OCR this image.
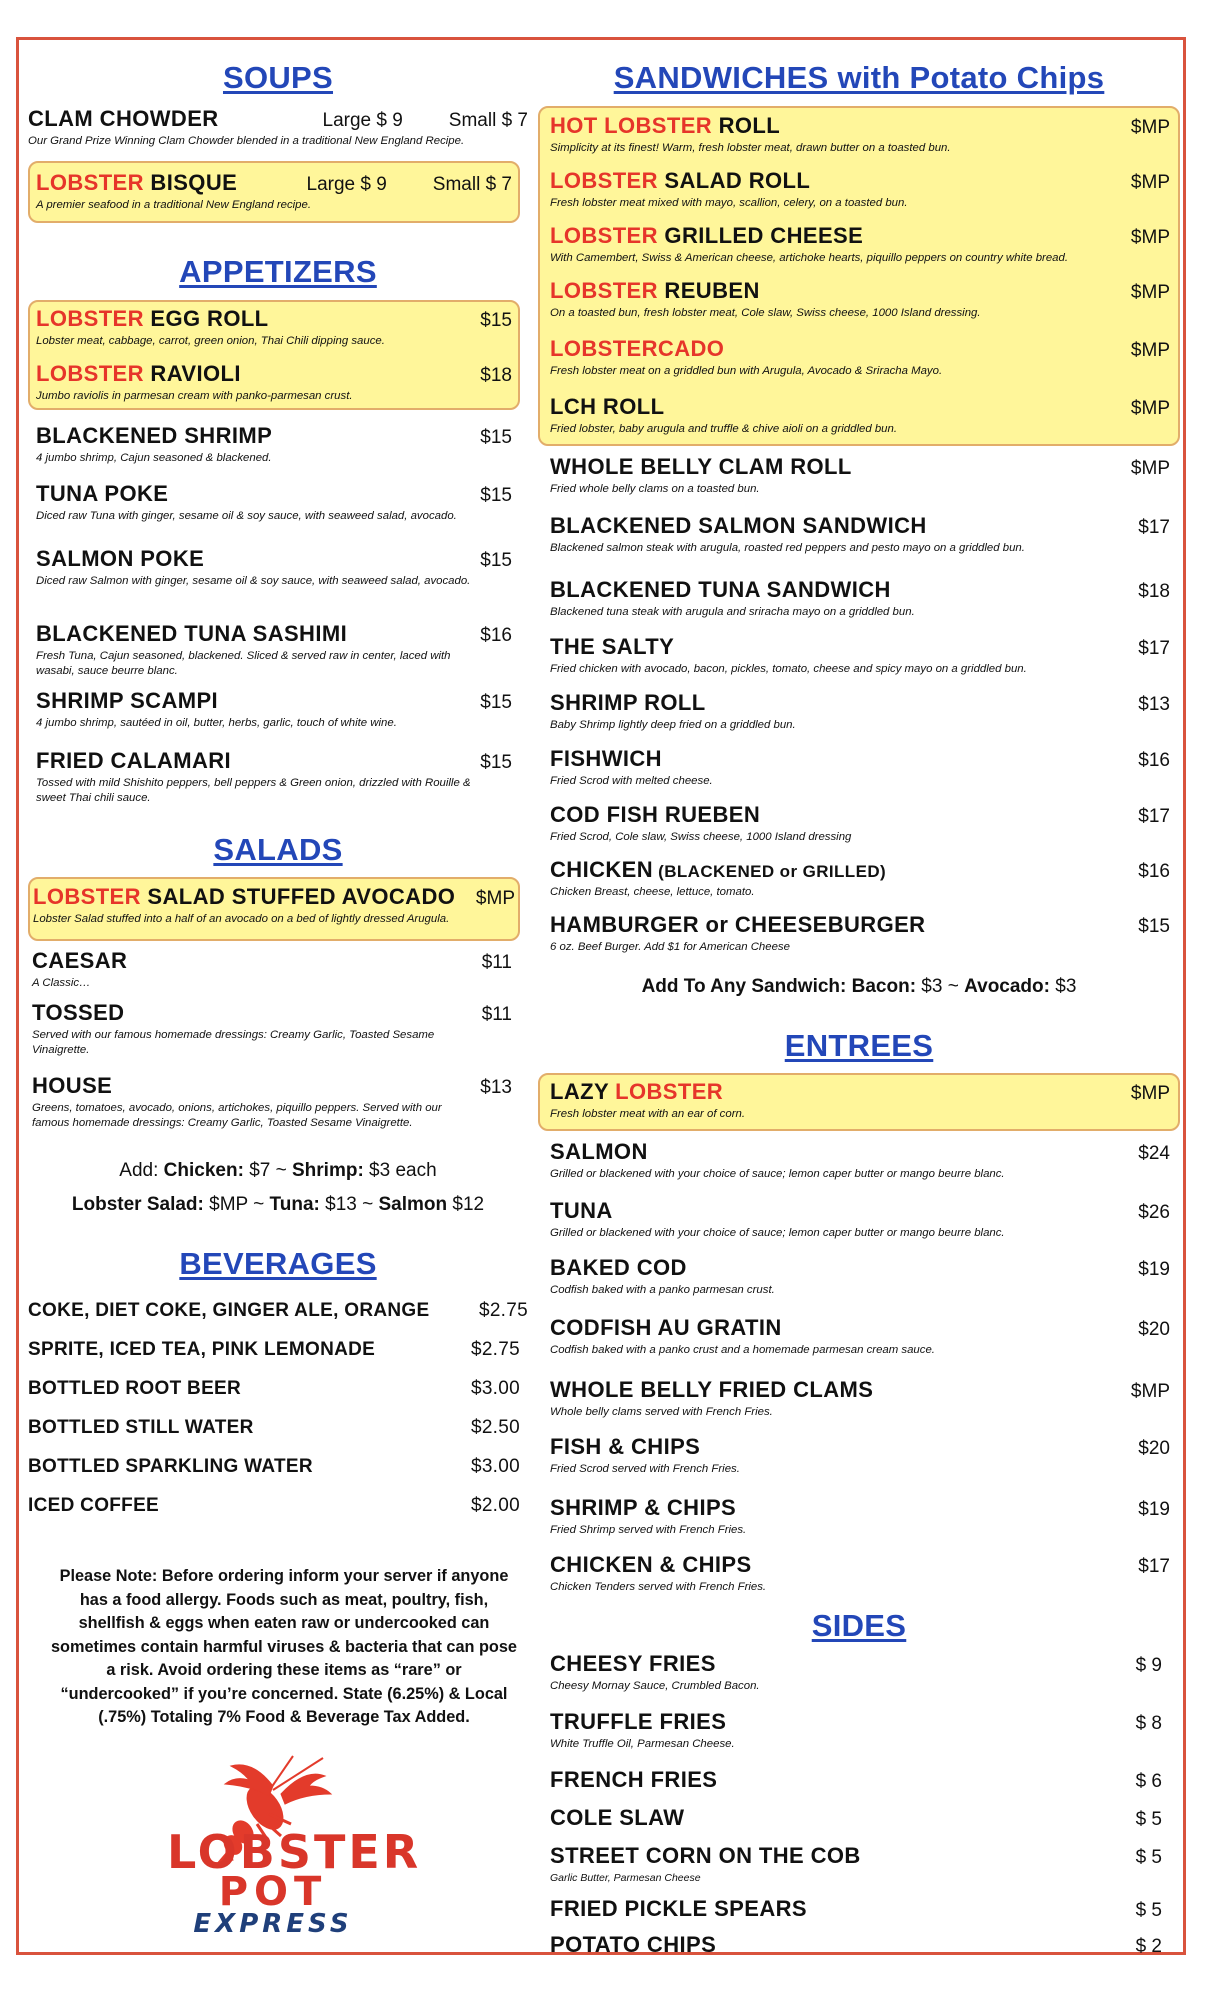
SOUPS
CLAM CHOWDER	Large $ 9 Small $ 7
Our Grand Prize Winning Clam Chowder blended in a traditional New England Recipe.
LOBSTER BISQUE	Large $ 9 Small $ 7
A premier seafood in a traditional New England recipe.
APPETIZERS
LOBSTER EGG ROLL	$15
Lobster meat, cabbage, carrot, green onion, Thai Chili dipping sauce.
LOBSTER RAVIOLI	$18
Jumbo raviolis in parmesan cream with panko-parmesan crust.
BLACKENED SHRIMP	$15
4 jumbo shrimp, Cajun seasoned & blackened.
TUNA POKE	$15
Diced raw Tuna with ginger, sesame oil & soy sauce, with seaweed salad, avocado.
SALMON POKE	$15
Diced raw Salmon with ginger, sesame oil & soy sauce, with seaweed salad, avocado.
BLACKENED TUNA SASHIMI	$16
Fresh Tuna, Cajun seasoned, blackened. Sliced & served raw in center, laced with wasabi, sauce beurre blanc.
SHRIMP SCAMPI	$15
4 jumbo shrimp, sautéed in oil, butter, herbs, garlic, touch of white wine.
FRIED CALAMARI	$15
Tossed with mild Shishito peppers, bell peppers & Green onion, drizzled with Rouille & sweet Thai chili sauce.
SALADS
LOBSTER SALAD STUFFED AVOCADO $MP
Lobster Salad stuffed into a half of an avocado on a bed of lightly dressed Arugula.
CAESAR	$11
A Classic…
TOSSED	$11
Served with our famous homemade dressings: Creamy Garlic, Toasted Sesame Vinaigrette.
HOUSE	$13
Greens, tomatoes, avocado, onions, artichokes, piquillo peppers. Served with our famous homemade dressings: Creamy Garlic, Toasted Sesame Vinaigrette.
Add: Chicken: $7 ~ Shrimp: $3 each
Lobster Salad: $MP ~ Tuna: $13 ~ Salmon $12
BEVERAGES
COKE, DIET COKE, GINGER ALE, ORANGE	$2.75
SPRITE, ICED TEA, PINK LEMONADE	$2.75
BOTTLED ROOT BEER	$3.00
BOTTLED STILL WATER	$2.50
BOTTLED SPARKLING WATER	$3.00
ICED COFFEE	$2.00
Please Note: Before ordering inform your server if anyone has a food allergy. Foods such as meat, poultry, fish, shellfish & eggs when eaten raw or undercooked can sometimes contain harmful viruses & bacteria that can pose a risk. Avoid ordering these items as “rare” or “undercooked” if you’re concerned. State (6.25%) & Local (.75%) Totaling 7% Food & Beverage Tax Added.
LOBSTER
POT
EXPRESS
SANDWICHES with Potato Chips
HOT LOBSTER ROLL	$MP
Simplicity at its finest! Warm, fresh lobster meat, drawn butter on a toasted bun.
LOBSTER SALAD ROLL	$MP
Fresh lobster meat mixed with mayo, scallion, celery, on a toasted bun.
LOBSTER GRILLED CHEESE	$MP
With Camembert, Swiss & American cheese, artichoke hearts, piquillo peppers on country white bread.
LOBSTER REUBEN	$MP
On a toasted bun, fresh lobster meat, Cole slaw, Swiss cheese, 1000 Island dressing.
LOBSTERCADO	$MP
Fresh lobster meat on a griddled bun with Arugula, Avocado & Sriracha Mayo.
LCH ROLL	$MP
Fried lobster, baby arugula and truffle & chive aioli on a griddled bun.
WHOLE BELLY CLAM ROLL	$MP
Fried whole belly clams on a toasted bun.
BLACKENED SALMON SANDWICH	$17
Blackened salmon steak with arugula, roasted red peppers and pesto mayo on a griddled bun.
BLACKENED TUNA SANDWICH	$18
Blackened tuna steak with arugula and sriracha mayo on a griddled bun.
THE SALTY	$17
Fried chicken with avocado, bacon, pickles, tomato, cheese and spicy mayo on a griddled bun.
SHRIMP ROLL	$13
Baby Shrimp lightly deep fried on a griddled bun.
FISHWICH	$16
Fried Scrod with melted cheese.
COD FISH RUEBEN	$17
Fried Scrod, Cole slaw, Swiss cheese, 1000 Island dressing
CHICKEN (BLACKENED or GRILLED)	$16
Chicken Breast, cheese, lettuce, tomato.
HAMBURGER or CHEESEBURGER	$15
6 oz. Beef Burger. Add $1 for American Cheese
Add To Any Sandwich: Bacon: $3 ~ Avocado: $3
ENTREES
LAZY LOBSTER	$MP
Fresh lobster meat with an ear of corn.
SALMON	$24
Grilled or blackened with your choice of sauce; lemon caper butter or mango beurre blanc.
TUNA	$26
Grilled or blackened with your choice of sauce; lemon caper butter or mango beurre blanc.
BAKED COD	$19
Codfish baked with a panko parmesan crust.
CODFISH AU GRATIN	$20
Codfish baked with a panko crust and a homemade parmesan cream sauce.
WHOLE BELLY FRIED CLAMS	$MP
Whole belly clams served with French Fries.
FISH & CHIPS	$20
Fried Scrod served with French Fries.
SHRIMP & CHIPS	$19
Fried Shrimp served with French Fries.
CHICKEN & CHIPS	$17
Chicken Tenders served with French Fries.
SIDES
CHEESY FRIES	$ 9
Cheesy Mornay Sauce, Crumbled Bacon.
TRUFFLE FRIES	$ 8
White Truffle Oil, Parmesan Cheese.
FRENCH FRIES	$ 6
COLE SLAW	$ 5
STREET CORN ON THE COB	$ 5
Garlic Butter, Parmesan Cheese
FRIED PICKLE SPEARS	$ 5
POTATO CHIPS	$ 2
